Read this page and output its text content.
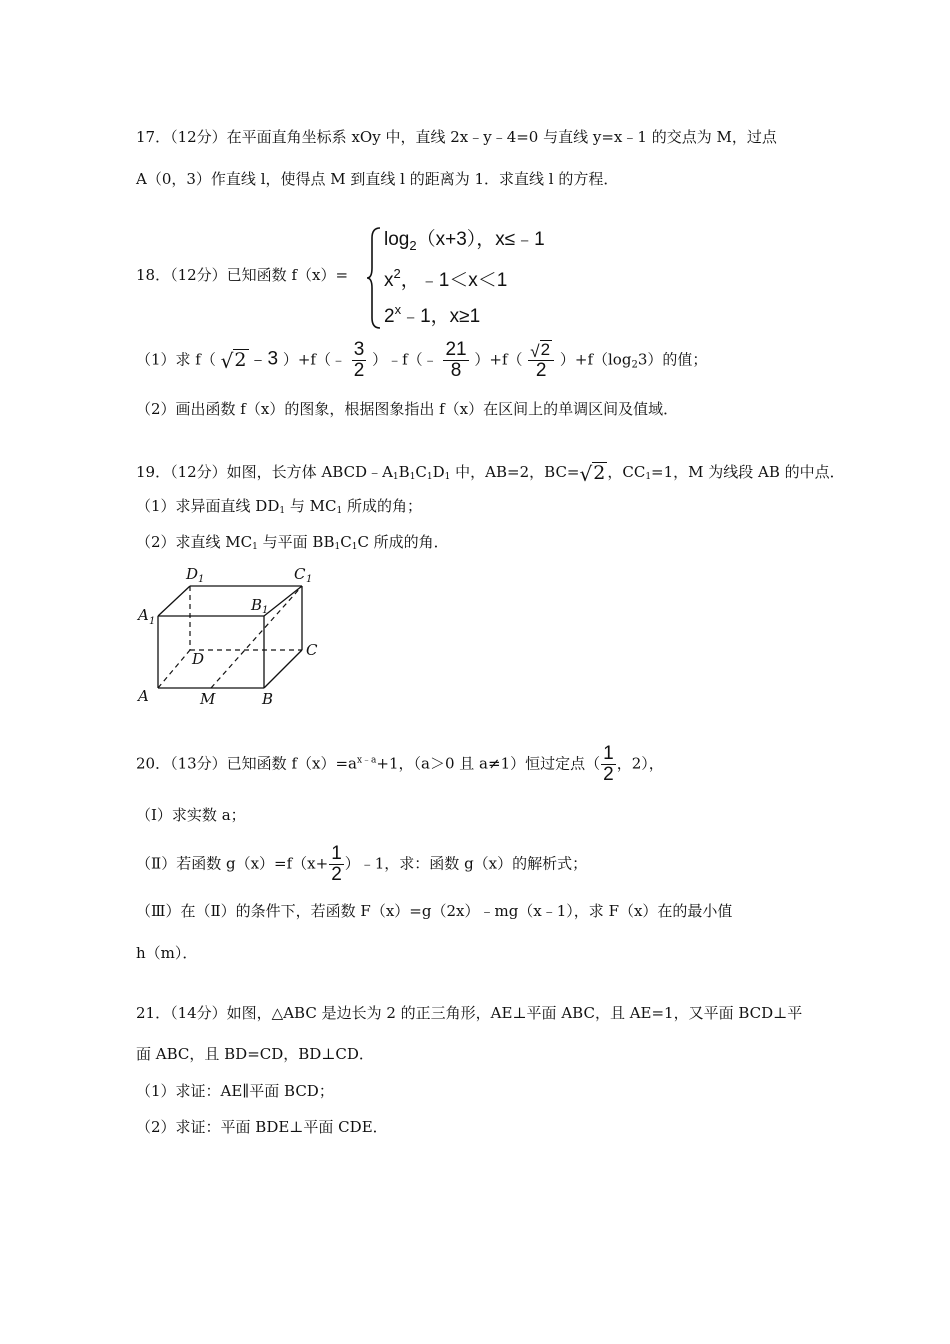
17．（12分）在平面直角坐标系 xOy 中，直线 2x﹣y﹣4=0 与直线 y=x﹣1 的交点为 M，过点
A（0，3）作直线 l，使得点 M 到直线 l 的距离为 1．求直线 l 的方程．
18．（12分）已知函数 f（x）=
$\log_2(x+3)$，x≤﹣1
$x^2$，﹣1＜x＜1
2$^x$﹣1，x≥1
（1）求 f（ √ 2 ﹣3 ）+f（﹣ $\frac{3}{2}$ ）﹣f（﹣ $\frac{21}{8} )+f( \frac{√ 2}{2} )+f(\log_23)$的值；
（2）画出函数 f（x）的图象，根据图象指出 f（x）在区间上的单调区间及值域．
19．（12分）如图，长方体 $ABCD﹣A_1B_1C_1D_1$ 中，AB=2，BC= √ 2 ，$CC_1=1$，M 为线段 AB 的中点．
（1）求异面直线 $DD_1$ 与 $MC_1$ 所成的角；
（2）求直线 $MC_1$ 与平面 $BB_1C_1C$ 所成的角．
D 1	C 1
A 1
B 1
D	C
A	M	B
20．（13分）已知函数 $f(x)=a^{x﹣a}+1$，（a＞0 且 a≠1）恒过定点（ $\frac{1}{2}$ ，2），
（Ⅰ）求实数 a；
（Ⅱ）若函数 $g(x)=f(x+ \frac{1}{2}$ ）﹣1，求：函数 g（x）的解析式；
（Ⅲ）在（Ⅱ）的条件下，若函数 F（x）=g（2x）﹣mg（x﹣1），求 F（x）在的最小值
h（m）．
21．（14分）如图，△ABC 是边长为 2 的正三角形，AE⊥平面 ABC，且 AE=1，又平面 BCD⊥平
面 ABC，且 BD=CD，BD⊥CD．
（1）求证：AE∥平面 BCD；
（2）求证：平面 BDE⊥平面 CDE．
